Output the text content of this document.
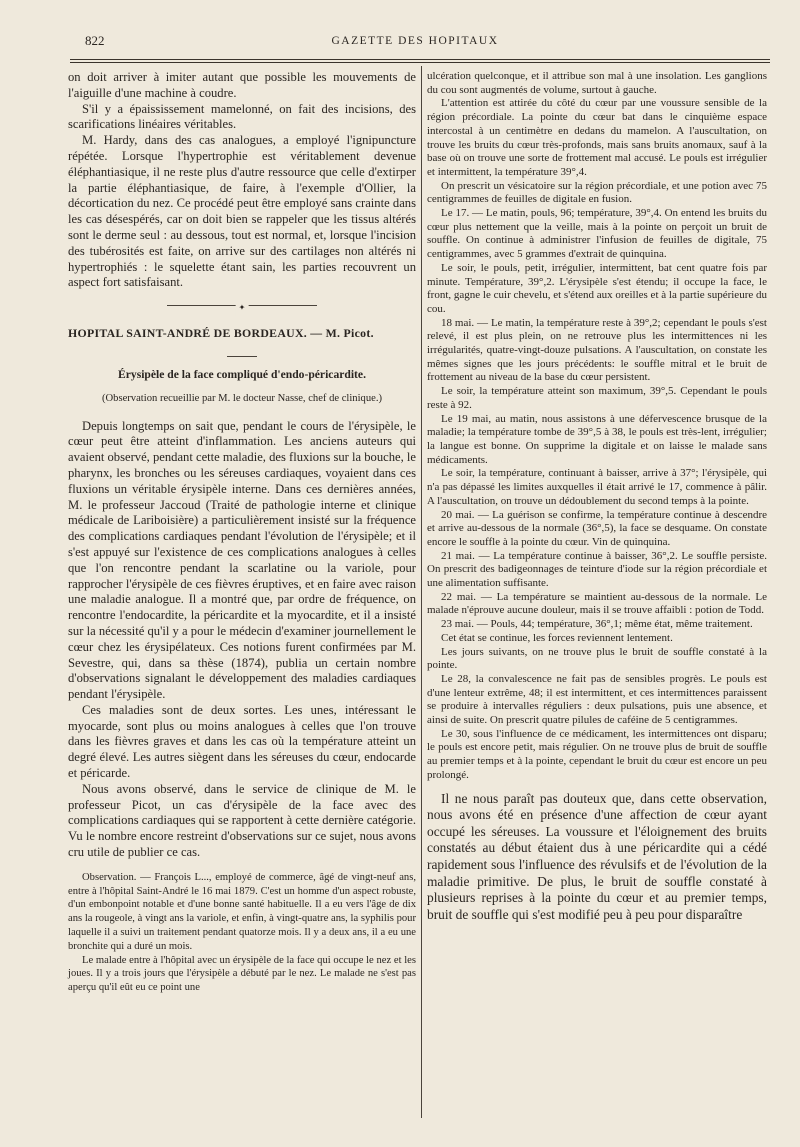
822	GAZETTE DES HOPITAUX

on doit arriver à imiter autant que possible les mouvements de l'aiguille d'une machine à coudre.

S'il y a épaississement mamelonné, on fait des incisions, des scarifications linéaires véritables.

M. Hardy, dans des cas analogues, a employé l'ignipuncture répétée. Lorsque l'hypertrophie est véritablement devenue éléphantiasique, il ne reste plus d'autre ressource que celle d'extirper la partie éléphantiasique, de faire, à l'exemple d'Ollier, la décortication du nez. Ce procédé peut être employé sans crainte dans les cas désespérés, car on doit bien se rappeler que les tissus altérés sont le derme seul : au dessous, tout est normal, et, lorsque l'incision des tubérosités est faite, on arrive sur des cartilages non altérés ni hypertrophiés : le squelette étant sain, les parties recouvrent un aspect fort satisfaisant.

✦

HOPITAL SAINT-ANDRÉ DE BORDEAUX. — M. Picot.

Érysipèle de la face compliqué d'endo-péricardite.

(Observation recueillie par M. le docteur Nasse, chef de clinique.)

Depuis longtemps on sait que, pendant le cours de l'érysipèle, le cœur peut être atteint d'inflammation. Les anciens auteurs qui avaient observé, pendant cette maladie, des fluxions sur la bouche, le pharynx, les bronches ou les séreuses cardiaques, voyaient dans ces fluxions un véritable érysipèle interne. Dans ces dernières années, M. le professeur Jaccoud (Traité de pathologie interne et clinique médicale de Lariboisière) a particulièrement insisté sur la fréquence des complications cardiaques pendant l'évolution de l'érysipèle; et il s'est appuyé sur l'existence de ces complications analogues à celles que l'on rencontre pendant la scarlatine ou la variole, pour rapprocher l'érysipèle de ces fièvres éruptives, et en faire avec raison une maladie analogue. Il a montré que, par ordre de fréquence, on rencontre l'endocardite, la péricardite et la myocardite, et il a insisté sur la nécessité qu'il y a pour le médecin d'examiner journellement le cœur chez les érysipélateux. Ces notions furent confirmées par M. Sevestre, qui, dans sa thèse (1874), publia un certain nombre d'observations signalant le développement des maladies cardiaques pendant l'érysipèle.

Ces maladies sont de deux sortes. Les unes, intéressant le myocarde, sont plus ou moins analogues à celles que l'on trouve dans les fièvres graves et dans les cas où la température atteint un degré élevé. Les autres siègent dans les séreuses du cœur, endocarde et péricarde.

Nous avons observé, dans le service de clinique de M. le professeur Picot, un cas d'érysipèle de la face avec des complications cardiaques qui se rapportent à cette dernière catégorie. Vu le nombre encore restreint d'observations sur ce sujet, nous avons cru utile de publier ce cas.

Observation. — François L..., employé de commerce, âgé de vingt-neuf ans, entre à l'hôpital Saint-André le 16 mai 1879. C'est un homme d'un aspect robuste, d'un embonpoint notable et d'une bonne santé habituelle. Il a eu vers l'âge de dix ans la rougeole, à vingt ans la variole, et enfin, à vingt-quatre ans, la syphilis pour laquelle il a suivi un traitement pendant quatorze mois. Il y a deux ans, il a eu une bronchite qui a duré un mois.

Le malade entre à l'hôpital avec un érysipèle de la face qui occupe le nez et les joues. Il y a trois jours que l'érysipèle a débuté par le nez. Le malade ne s'est pas aperçu qu'il eût eu ce point une

ulcération quelconque, et il attribue son mal à une insolation. Les ganglions du cou sont augmentés de volume, surtout à gauche.

L'attention est attirée du côté du cœur par une voussure sensible de la région précordiale. La pointe du cœur bat dans le cinquième espace intercostal à un centimètre en dedans du mamelon. A l'auscultation, on trouve les bruits du cœur très-profonds, mais sans bruits anomaux, sauf à la base où on trouve une sorte de frottement mal accusé. Le pouls est irrégulier et intermittent, la température 39°,4.

On prescrit un vésicatoire sur la région précordiale, et une potion avec 75 centigrammes de feuilles de digitale en fusion.

Le 17. — Le matin, pouls, 96; température, 39°,4. On entend les bruits du cœur plus nettement que la veille, mais à la pointe on perçoit un bruit de souffle. On continue à administrer l'infusion de feuilles de digitale, 75 centigrammes, avec 5 grammes d'extrait de quinquina.

Le soir, le pouls, petit, irrégulier, intermittent, bat cent quatre fois par minute. Température, 39°,2. L'érysipèle s'est étendu; il occupe la face, le front, gagne le cuir chevelu, et s'étend aux oreilles et à la partie supérieure du cou.

18 mai. — Le matin, la température reste à 39°,2; cependant le pouls s'est relevé, il est plus plein, on ne retrouve plus les intermittences ni les irrégularités, quatre-vingt-douze pulsations. A l'auscultation, on constate les mêmes signes que les jours précédents: le souffle mitral et le bruit de frottement au niveau de la base du cœur persistent.

Le soir, la température atteint son maximum, 39°,5. Cependant le pouls reste à 92.

Le 19 mai, au matin, nous assistons à une défervescence brusque de la maladie; la température tombe de 39°,5 à 38, le pouls est très-lent, irrégulier; la langue est bonne. On supprime la digitale et on laisse le malade sans médicaments.

Le soir, la température, continuant à baisser, arrive à 37°; l'érysipèle, qui n'a pas dépassé les limites auxquelles il était arrivé le 17, commence à pâlir. A l'auscultation, on trouve un dédoublement du second temps à la pointe.

20 mai. — La guérison se confirme, la température continue à descendre et arrive au-dessous de la normale (36°,5), la face se desquame. On constate encore le souffle à la pointe du cœur. Vin de quinquina.

21 mai. — La température continue à baisser, 36°,2. Le souffle persiste. On prescrit des badigeonnages de teinture d'iode sur la région précordiale et une alimentation suffisante.

22 mai. — La température se maintient au-dessous de la normale. Le malade n'éprouve aucune douleur, mais il se trouve affaibli : potion de Todd.

23 mai. — Pouls, 44; température, 36°,1; même état, même traitement.

Cet état se continue, les forces reviennent lentement.

Les jours suivants, on ne trouve plus le bruit de souffle constaté à la pointe.

Le 28, la convalescence ne fait pas de sensibles progrès. Le pouls est d'une lenteur extrême, 48; il est intermittent, et ces intermittences paraissent se produire à intervalles réguliers : deux pulsations, puis une absence, et ainsi de suite. On prescrit quatre pilules de caféine de 5 centigrammes.

Le 30, sous l'influence de ce médicament, les intermittences ont disparu; le pouls est encore petit, mais régulier. On ne trouve plus de bruit de souffle au premier temps et à la pointe, cependant le bruit du cœur est encore un peu prolongé.

Il ne nous paraît pas douteux que, dans cette observation, nous avons été en présence d'une affection de cœur ayant occupé les séreuses. La voussure et l'éloignement des bruits constatés au début étaient dus à une péricardite qui a cédé rapidement sous l'influence des révulsifs et de l'évolution de la maladie primitive. De plus, le bruit de souffle constaté à plusieurs reprises à la pointe du cœur et au premier temps, bruit de souffle qui s'est modifié peu à peu pour disparaître
